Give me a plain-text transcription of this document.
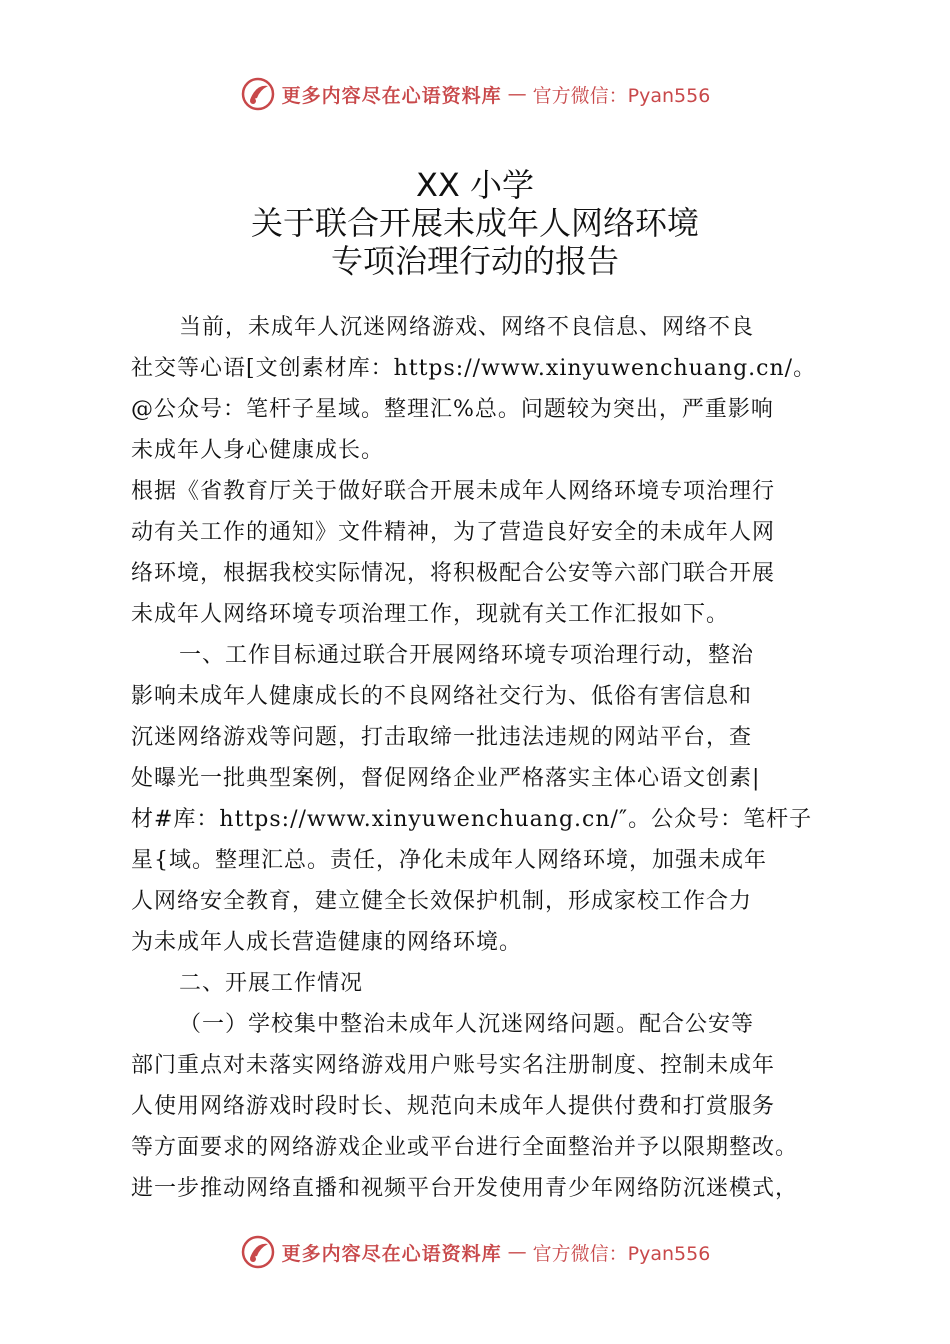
更多内容尽在心语资料库 — 官方微信：Pyan556
XX 小学
关于联合开展未成年人网络环境
专项治理行动的报告
当前，未成年人沉迷网络游戏、网络不良信息、网络不良
社交等心语[文创素材库：https://www.xinyuwenchuang.cn/。
@公众号：笔杆子星域。整理汇%总。问题较为突出，严重影响
未成年人身心健康成长。
根据《省教育厅关于做好联合开展未成年人网络环境专项治理行
动有关工作的通知》文件精神，为了营造良好安全的未成年人网
络环境，根据我校实际情况，将积极配合公安等六部门联合开展
未成年人网络环境专项治理工作，现就有关工作汇报如下。
一、工作目标通过联合开展网络环境专项治理行动，整治
影响未成年人健康成长的不良网络社交行为、低俗有害信息和
沉迷网络游戏等问题，打击取缔一批违法违规的网站平台，查
处曝光一批典型案例，督促网络企业严格落实主体心语文创素|
材#库：https://www.xinyuwenchuang.cn/″。公众号：笔杆子
星{域。整理汇总。责任，净化未成年人网络环境，加强未成年
人网络安全教育，建立健全长效保护机制，形成家校工作合力
为未成年人成长营造健康的网络环境。
二、开展工作情况
（一）学校集中整治未成年人沉迷网络问题。配合公安等
部门重点对未落实网络游戏用户账号实名注册制度、控制未成年
人使用网络游戏时段时长、规范向未成年人提供付费和打赏服务
等方面要求的网络游戏企业或平台进行全面整治并予以限期整改。
进一步推动网络直播和视频平台开发使用青少年网络防沉迷模式，
更多内容尽在心语资料库 — 官方微信：Pyan556
